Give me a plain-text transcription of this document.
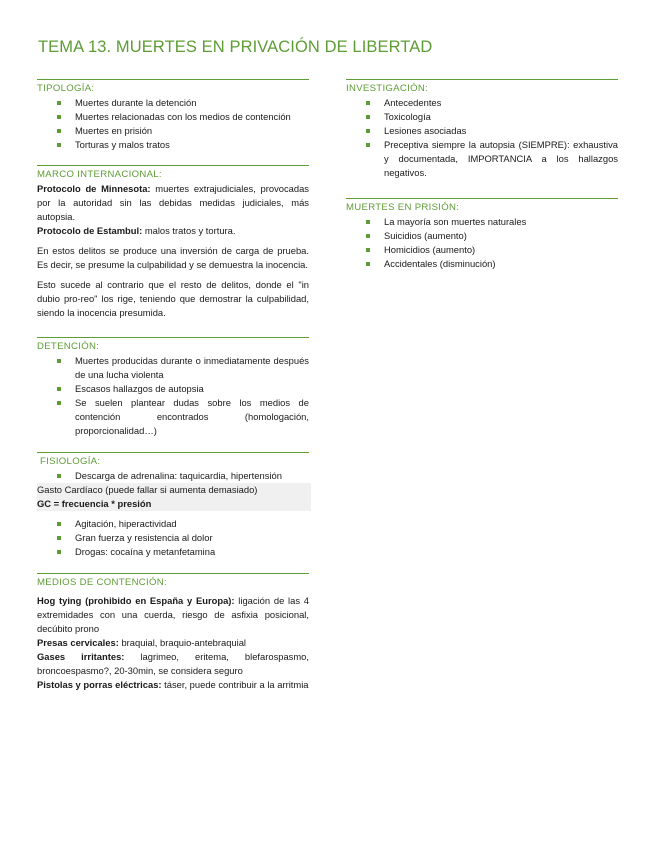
TEMA 13. MUERTES EN PRIVACIÓN DE LIBERTAD
TIPOLOGÍA:
Muertes durante la detención
Muertes relacionadas con los medios de contención
Muertes en prisión
Torturas y malos tratos
MARCO INTERNACIONAL:

Protocolo de Minnesota: muertes extrajudiciales, provocadas por la autoridad sin las debidas medidas judiciales, más autopsia.

Protocolo de Estambul: malos tratos y tortura.

En estos delitos se produce una inversión de carga de prueba. Es decir, se presume la culpabilidad y se demuestra la inocencia.

Esto sucede al contrario que el resto de delitos, donde el "in dubio pro-reo" los rige, teniendo que demostrar la culpabilidad, siendo la inocencia presumida.

DETENCIÓN:
Muertes producidas durante o inmediatamente después de una lucha violenta
Escasos hallazgos de autopsia
Se suelen plantear dudas sobre los medios de contención encontrados (homologación, proporcionalidad…)
FISIOLOGÍA:
Descarga de adrenalina: taquicardia, hipertensión

Gasto Cardíaco (puede fallar si aumenta demasiado)

GC = frecuencia * presión

Agitación, hiperactividad
Gran fuerza y resistencia al dolor
Drogas: cocaína y metanfetamina
MEDIOS DE CONTENCIÓN:

Hog tying (prohibido en España y Europa): ligación de las 4 extremidades con una cuerda, riesgo de asfixia posicional, decúbito prono

Presas cervicales: braquial, braquio-antebraquial

Gases irritantes: lagrimeo, eritema, blefarospasmo, broncoespasmo?, 20-30min, se considera seguro

Pistolas y porras eléctricas: táser, puede contribuir a la arritmia

INVESTIGACIÓN:
Antecedentes
Toxicología
Lesiones asociadas
Preceptiva siempre la autopsia (SIEMPRE): exhaustiva y documentada, IMPORTANCIA a los hallazgos negativos.
MUERTES EN PRISIÓN:
La mayoría son muertes naturales
Suicidios (aumento)
Homicidios (aumento)
Accidentales (disminución)
